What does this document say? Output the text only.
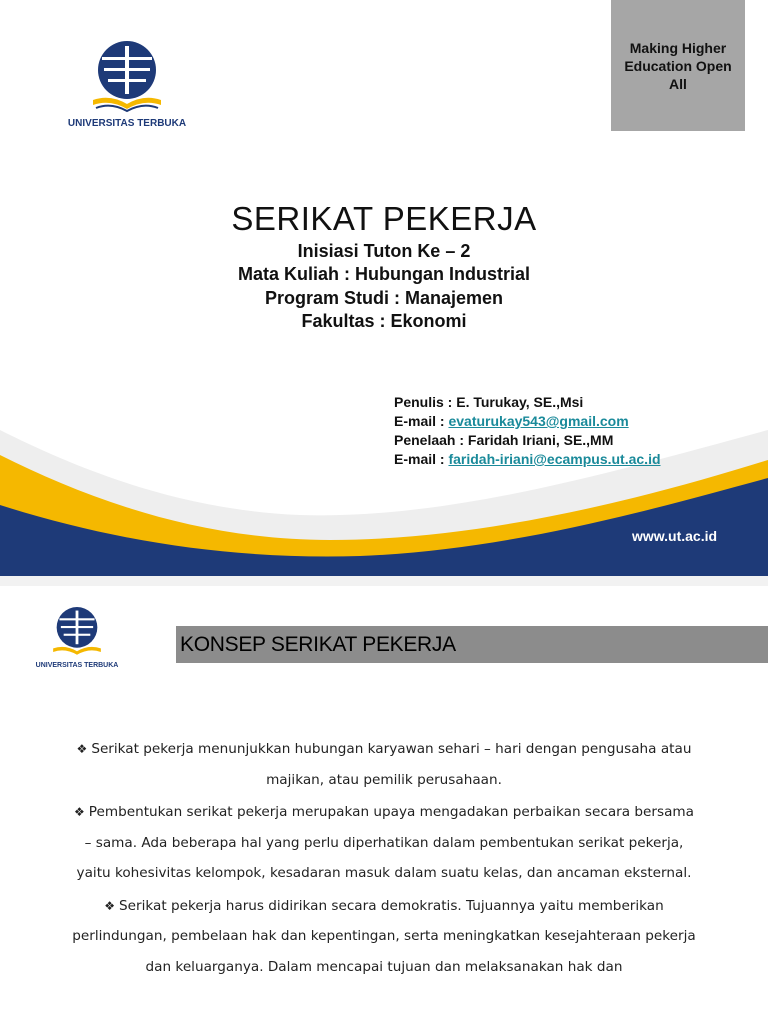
UNIVERSITAS TERBUKA
Making Higher Education Open All
SERIKAT PEKERJA
Inisiasi Tuton Ke – 2
Mata Kuliah : Hubungan Industrial
Program Studi : Manajemen
Fakultas : Ekonomi
Penulis : E. Turukay, SE.,Msi
E-mail : evaturukay543@gmail.com
Penelaah : Faridah Iriani, SE.,MM
E-mail : faridah-iriani@ecampus.ut.ac.id
www.ut.ac.id
UNIVERSITAS TERBUKA
KONSEP SERIKAT PEKERJA

❖ Serikat pekerja menunjukkan hubungan karyawan sehari – hari dengan pengusaha atau majikan, atau pemilik perusahaan.

❖ Pembentukan serikat pekerja merupakan upaya mengadakan perbaikan secara bersama – sama. Ada beberapa hal yang perlu diperhatikan dalam pembentukan serikat pekerja, yaitu kohesivitas kelompok, kesadaran masuk dalam suatu kelas, dan ancaman eksternal.

❖ Serikat pekerja harus didirikan secara demokratis. Tujuannya yaitu memberikan perlindungan, pembelaan hak dan kepentingan, serta meningkatkan kesejahteraan pekerja dan keluarganya. Dalam mencapai tujuan dan melaksanakan hak dan
